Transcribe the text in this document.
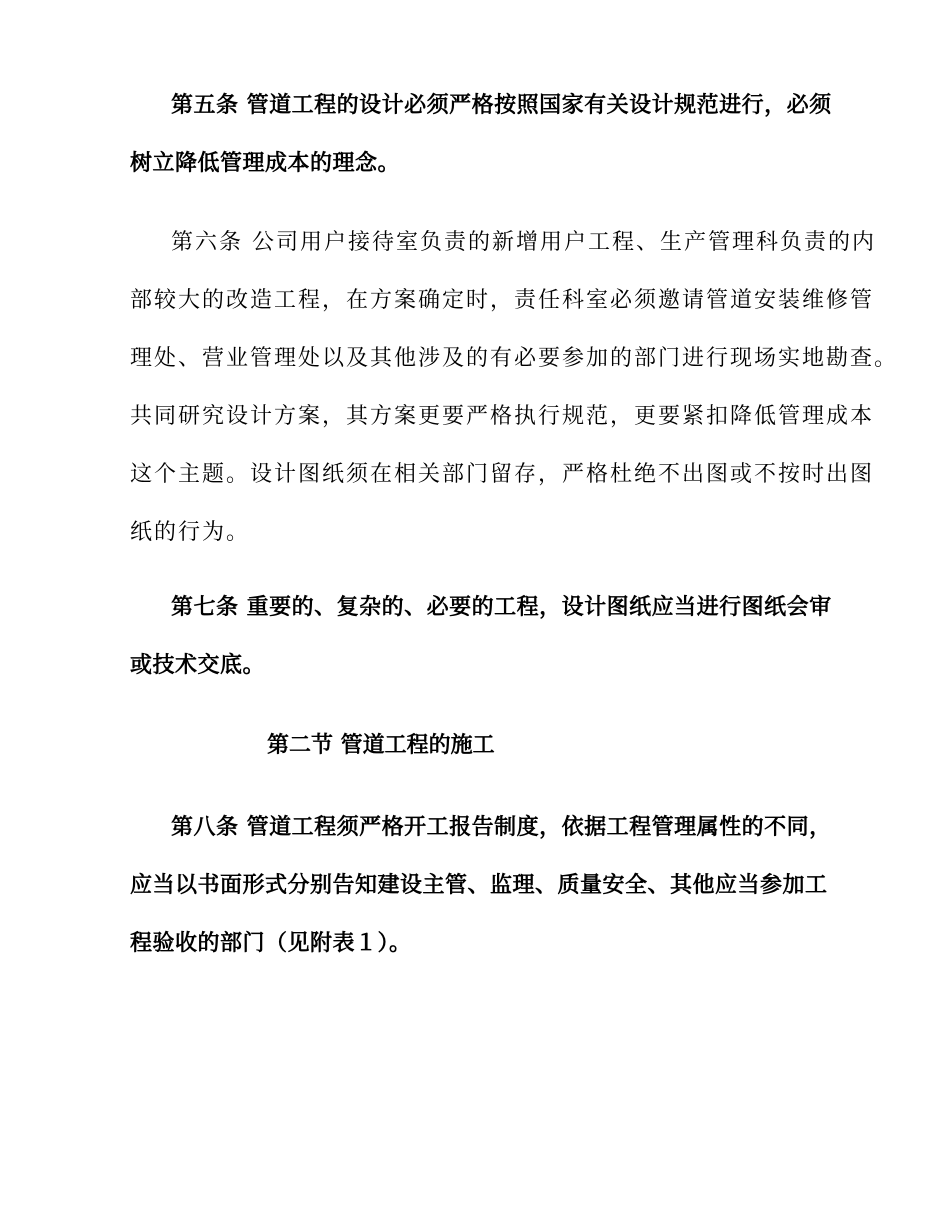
第五条 管道工程的设计必须严格按照国家有关设计规范进行，必须
树立降低管理成本的理念。
第六条 公司用户接待室负责的新增用户工程、生产管理科负责的内
部较大的改造工程，在方案确定时，责任科室必须邀请管道安装维修管
理处、营业管理处以及其他涉及的有必要参加的部门进行现场实地勘查。
共同研究设计方案，其方案更要严格执行规范，更要紧扣降低管理成本
这个主题。设计图纸须在相关部门留存，严格杜绝不出图或不按时出图
纸的行为。
第七条 重要的、复杂的、必要的工程，设计图纸应当进行图纸会审
或技术交底。
第二节 管道工程的施工
第八条 管道工程须严格开工报告制度，依据工程管理属性的不同，
应当以书面形式分别告知建设主管、监理、质量安全、其他应当参加工
程验收的部门（见附表１）。
